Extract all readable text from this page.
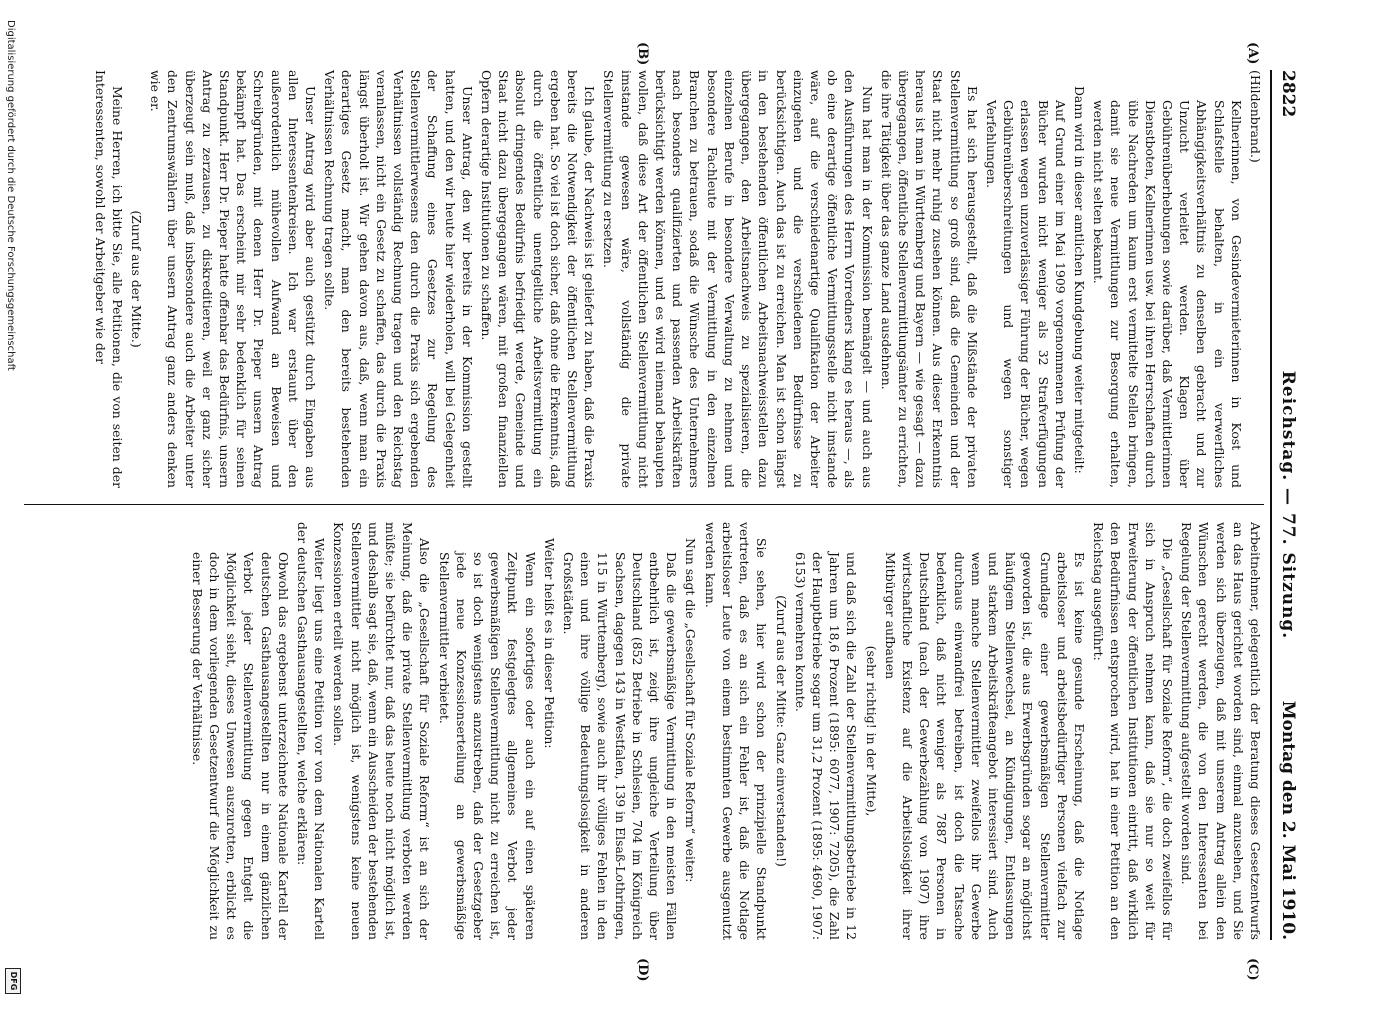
(A)
(B)
(C)
(D)
2822
Reichstag. — 77. Sitzung.
Montag den 2. Mai 1910.

(Hildenbrand.)

Kellnerinnen, von Gesindevermieterinnen in Kost und Schlafstelle behalten, in ein verwerfliches Abhängigkeitsverhältnis zu denselben gebracht und zur Unzucht verleitet werden. Klagen über Gebührenüberhebungen sowie darüber, daß Vermittlerinnen Dienstboten, Kellnerinnen usw. bei ihren Herrschaften durch üble Nachreden um kaum erst vermittelte Stellen bringen, damit sie neue Vermittlungen zur Besorgung erhalten, werden nicht selten bekannt.

Dann wird in dieser amtlichen Kundgebung weiter mitgeteilt:

Auf Grund einer im Mai 1909 vorgenommenen Prüfung der Bücher wurden nicht weniger als 32 Strafverfügungen erlassen wegen unzuverlässiger Führung der Bücher, wegen Gebührenüberschreitungen und wegen sonstiger Verfehlungen.

Es hat sich herausgestellt, daß die Mißstände der privaten Stellenvermittlung so groß sind, daß die Gemeinden und der Staat nicht mehr ruhig zusehen können. Aus dieser Erkenntnis heraus ist man in Württemberg und Bayern — wie gesagt — dazu übergegangen, öffentliche Stellenvermittlungsämter zu errichten, die ihre Tätigkeit über das ganze Land ausdehnen.

Nun hat man in der Kommission bemängelt — und auch aus den Ausführungen des Herrn Vorredners klang es heraus —, als ob eine derartige öffentliche Vermittlungsstelle nicht imstande wäre, auf die verschiedenartige Qualifikation der Arbeiter einzugehen und die verschiedenen Bedürfnisse zu berücksichtigen. Auch das ist zu erreichen. Man ist schon längst in den bestehenden öffentlichen Arbeitsnachweisstellen dazu übergegangen, den Arbeitsnachweis zu spezialisieren, die einzelnen Berufe in besondere Verwaltung zu nehmen und besondere Fachleute mit der Vermittlung in den einzelnen Branchen zu betrauen, sodaß die Wünsche des Unternehmers nach besonders qualifizierten und passenden Arbeitskräften berücksichtigt werden können, und es wird niemand behaupten wollen, daß diese Art der öffentlichen Stellenvermittlung nicht imstande gewesen wäre, vollständig die private Stellenvermittlung zu ersetzen.

Ich glaube, der Nachweis ist geliefert zu haben, daß die Praxis bereits die Notwendigkeit der öffentlichen Stellenvermittlung ergeben hat. So viel ist doch sicher, daß ohne die Erkenntnis, daß durch die öffentliche unentgeltliche Arbeitsvermittlung ein absolut dringendes Bedürfnis befriedigt werde, Gemeinde und Staat nicht dazu übergegangen wären, mit großen finanziellen Opfern derartige Institutionen zu schaffen.

Unser Antrag, den wir bereits in der Kommission gestellt hatten, und den wir heute hier wiederholen, will bei Gelegenheit der Schaffung eines Gesetzes zur Regelung des Stellenvermittlerwesens den durch die Praxis sich ergebenden Verhältnissen vollständig Rechnung tragen und den Reichstag veranlassen, nicht ein Gesetz zu schaffen, das durch die Praxis längst überholt ist. Wir gehen davon aus, daß, wenn man ein derartiges Gesetz macht, man den bereits bestehenden Verhältnissen Rechnung tragen sollte.

Unser Antrag wird aber auch gestützt durch Eingaben aus allen Interessentenkreisen. Ich war erstaunt über den außerordentlich mühevollen Aufwand an Beweisen und Schreibgründen, mit denen Herr Dr. Pieper unsern Antrag bekämpft hat. Das erscheint mir sehr bedenklich für seinen Standpunkt. Herr Dr. Pieper hatte offenbar das Bedürfnis, unsern Antrag zu zerzausen, zu diskreditieren, weil er ganz sicher überzeugt sein muß, daß insbesondere auch die Arbeiter unter den Zentrumswählern über unsern Antrag ganz anders denken wie er.

(Zuruf aus der Mitte.)

Meine Herren, ich bitte Sie, alle Petitionen, die von seiten der Interessenten, sowohl der Arbeitgeber wie der

Arbeitnehmer, gelegentlich der Beratung dieses Gesetzentwurfs an das Haus gerichtet worden sind, einmal anzusehen, und Sie werden sich überzeugen, daß mit unserem Antrag allein den Wünschen gerecht werden, die von den Interessenten bei Regelung der Stellenvermittlung aufgestellt worden sind.

Die „Gesellschaft für Soziale Reform“, die doch zweifellos für sich in Anspruch nehmen kann, daß sie nur so weit für Erweiterung der öffentlichen Institutionen eintritt, daß wirklich den Bedürfnissen entsprochen wird, hat in einer Petition an den Reichstag ausgeführt:

Es ist keine gesunde Erscheinung, daß die Notlage arbeitsloser und arbeitsbedürftiger Personen vielfach zur Grundlage einer gewerbsmäßigen Stellenvermittler geworden ist, die aus Erwerbsgründen sogar an möglichst häufigem Stellenwechsel, an Kündigungen, Entlassungen und starkem Arbeitskräfteangebot interessiert sind. Auch wenn manche Stellenvermittler zweifellos ihr Gewerbe durchaus einwandfrei betreiben, ist doch die Tatsache bedenklich, daß nicht weniger als 7887 Personen in Deutschland (nach der Gewerbezählung von 1907) ihre wirtschaftliche Existenz auf die Arbeitslosigkeit ihrer Mitbürger aufbauen

(sehr richtig! in der Mitte),

und daß sich die Zahl der Stellenvermittlungsbetriebe in 12 Jahren um 18,6 Prozent (1895: 6077, 1907: 7205), die Zahl der Hauptbetriebe sogar um 31,2 Prozent (1895: 4690, 1907: 6153) vermehren konnte.

(Zuruf aus der Mitte: Ganz einverstanden!)

Sie sehen, hier wird schon der prinzipielle Standpunkt vertreten, daß es an sich ein Fehler ist, daß die Notlage arbeitsloser Leute von einem bestimmten Gewerbe ausgenutzt werden kann.

Nun sagt die „Gesellschaft für Soziale Reform“ weiter:

Daß die gewerbsmäßige Vermittlung in den meisten Fällen entbehrlich ist, zeigt ihre ungleiche Verteilung über Deutschland (852 Betriebe in Schlesien, 704 im Königreich Sachsen, dagegen 143 in Westfalen, 139 in Elsaß-Lothringen, 115 in Württemberg), sowie auch ihr völliges Fehlen in den einen und ihre völlige Bedeutungslosigkeit in anderen Großstädten.

Weiter heißt es in dieser Petition:

Wenn ein sofortiges oder auch ein auf einen späteren Zeitpunkt festgelegtes allgemeines Verbot jeder gewerbsmäßigen Stellenvermittlung nicht zu erreichen ist, so ist doch wenigstens anzustreben, daß der Gesetzgeber jede neue Konzessionserteilung an gewerbsmäßige Stellenvermittler verbietet.

Also die „Gesellschaft für Soziale Reform“ ist an sich der Meinung, daß die private Stellenvermittlung verboten werden müßte; sie befürchtet nur, daß das heute noch nicht möglich ist, und deshalb sagt sie, daß, wenn ein Ausscheiden der bestehenden Stellenvermittler nicht möglich ist, wenigstens keine neuen Konzessionen erteilt werden sollen.

Weiter liegt uns eine Petition vor von dem Nationalen Kartell der deutschen Gasthausangestellten, welche erklären:

Obwohl das ergebenst unterzeichnete Nationale Kartell der deutschen Gasthausangestellten nur in einem gänzlichen Verbot jeder Stellenvermittlung gegen Entgelt die Möglichkeit sieht, dieses Unwesen auszurotten, erblickt es doch in dem vorliegenden Gesetzentwurf die Möglichkeit zu einer Besserung der Verhältnisse.

Digitalisierung gefördert durch die Deutsche Forschungsgemeinschaft
DFG
